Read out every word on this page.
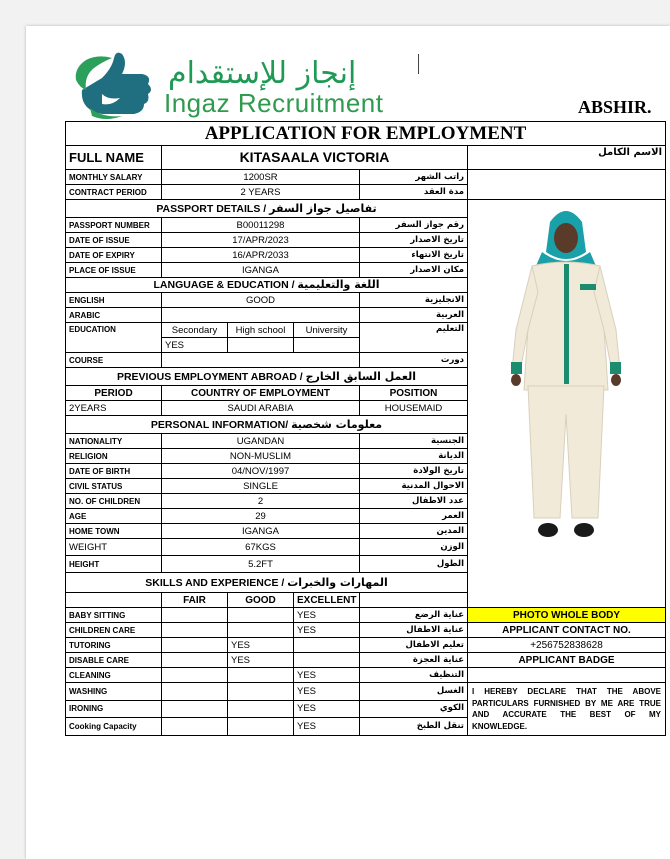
إنجاز للإستقدام
Ingaz Recruitment	ABSHIR.
APPLICATION FOR EMPLOYMENT						
FULL NAME	KITASAALA VICTORIA				الاسم الكامل	
MONTHLY SALARY	1200SR			راتب الشهر		
CONTRACT PERIOD	2 YEARS			مدة العقد		
PASSPORT DETAILS / تفاصيل جواز السفر	
PASSPORT NUMBER	B00011298			رقم جواز السفر		
DATE OF ISSUE	17/APR/2023			تاريخ الاصدار		
DATE OF EXPIRY	16/APR/2033			تاريخ الانتهاء		
PLACE OF ISSUE	IGANGA			مكان الاصدار		
LANGUAGE & EDUCATION / اللغة والتعليمية						
ENGLISH	GOOD			الانجليزية		
ARABIC				العربية		
EDUCATION	Secondary	High school	University	التعليم		
	YES					
COURSE				دورت		
PREVIOUS EMPLOYMENT ABROAD / العمل السابق الخارج						
PERIOD	COUNTRY OF EMPLOYMENT			POSITION		
2YEARS	SAUDI ARABIA			HOUSEMAID		
PERSONAL INFORMATION/ معلومات شخصية						
NATIONALITY	UGANDAN			الجنسية		
RELIGION	NON-MUSLIM			الديانة		
DATE OF BIRTH	04/NOV/1997			تاريخ الولادة		
CIVIL STATUS	SINGLE			الاحوال المدنية		
NO. OF CHILDREN	2			عدد الاطفال		
AGE	29			العمر		
HOME TOWN	IGANGA			المدين		
WEIGHT	67KGS			الوزن		
HEIGHT	5.2FT			الطول		
SKILLS AND EXPERIENCE / المهارات والخبرات						
	FAIR	GOOD	EXCELLENT			
BABY SITTING			YES	عناية الرضع	PHOTO WHOLE BODY	
CHILDREN CARE			YES	عناية الاطفال	APPLICANT CONTACT NO.	
TUTORING		YES		تعليم الاطفال	+256752838628	
DISABLE CARE		YES		عناية العجزة	APPLICANT BADGE	
CLEANING			YES	التنظيف		
WASHING			YES	الغسل	I HEREBY DECLARE THAT THE ABOVE PARTICULARS FURNISHED BY ME ARE TRUE AND ACCURATE THE BEST OF MY KNOWLEDGE.	
IRONING			YES	الكوي		
Cooking Capacity			YES	تنقل الطبخ		
